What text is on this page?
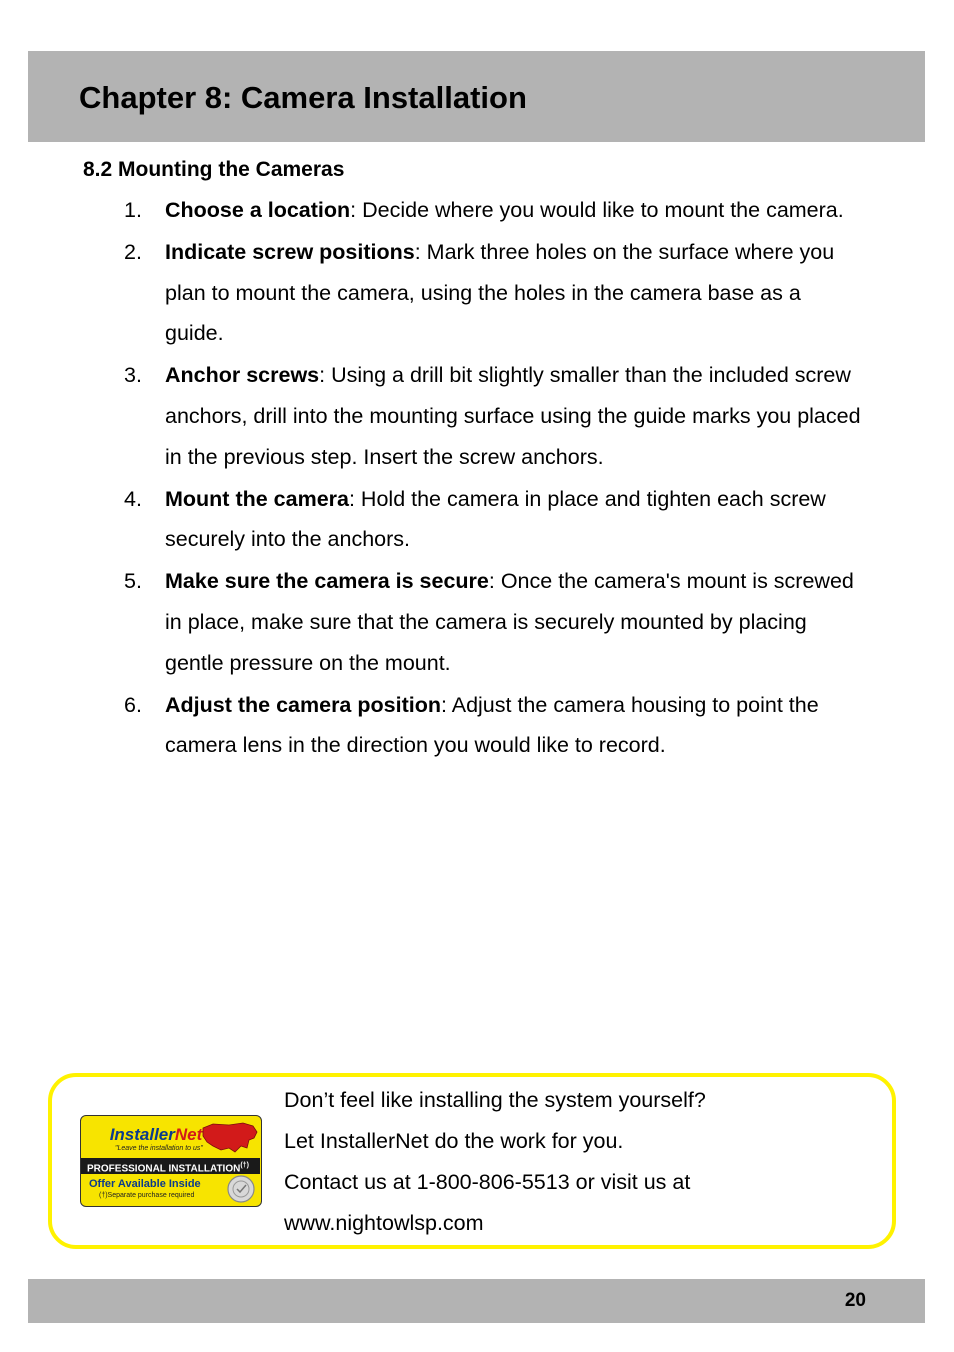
Chapter 8: Camera Installation
8.2 Mounting the Cameras
1.	Choose a location: Decide where you would like to mount the camera.
2.	Indicate screw positions: Mark three holes on the surface where you plan to mount the camera, using the holes in the camera base as a guide.
3.	Anchor screws: Using a drill bit slightly smaller than the included screw anchors, drill into the mounting surface using the guide marks you placed in the previous step. Insert the screw anchors.
4.	Mount the camera: Hold the camera in place and tighten each screw securely into the anchors.
5.	Make sure the camera is secure: Once the camera's mount is screwed in place, make sure that the camera is securely mounted by placing gentle pressure on the mount.
6.	Adjust the camera position: Adjust the camera housing to point the camera lens in the direction you would like to record.
InstallerNet
"Leave the installation to us"
PROFESSIONAL INSTALLATION(†)
Offer Available Inside
(†)Separate purchase required
Don’t feel like installing the system yourself?
Let InstallerNet do the work for you.
Contact us at 1-800-806-5513 or visit us at
www.nightowlsp.com
20
